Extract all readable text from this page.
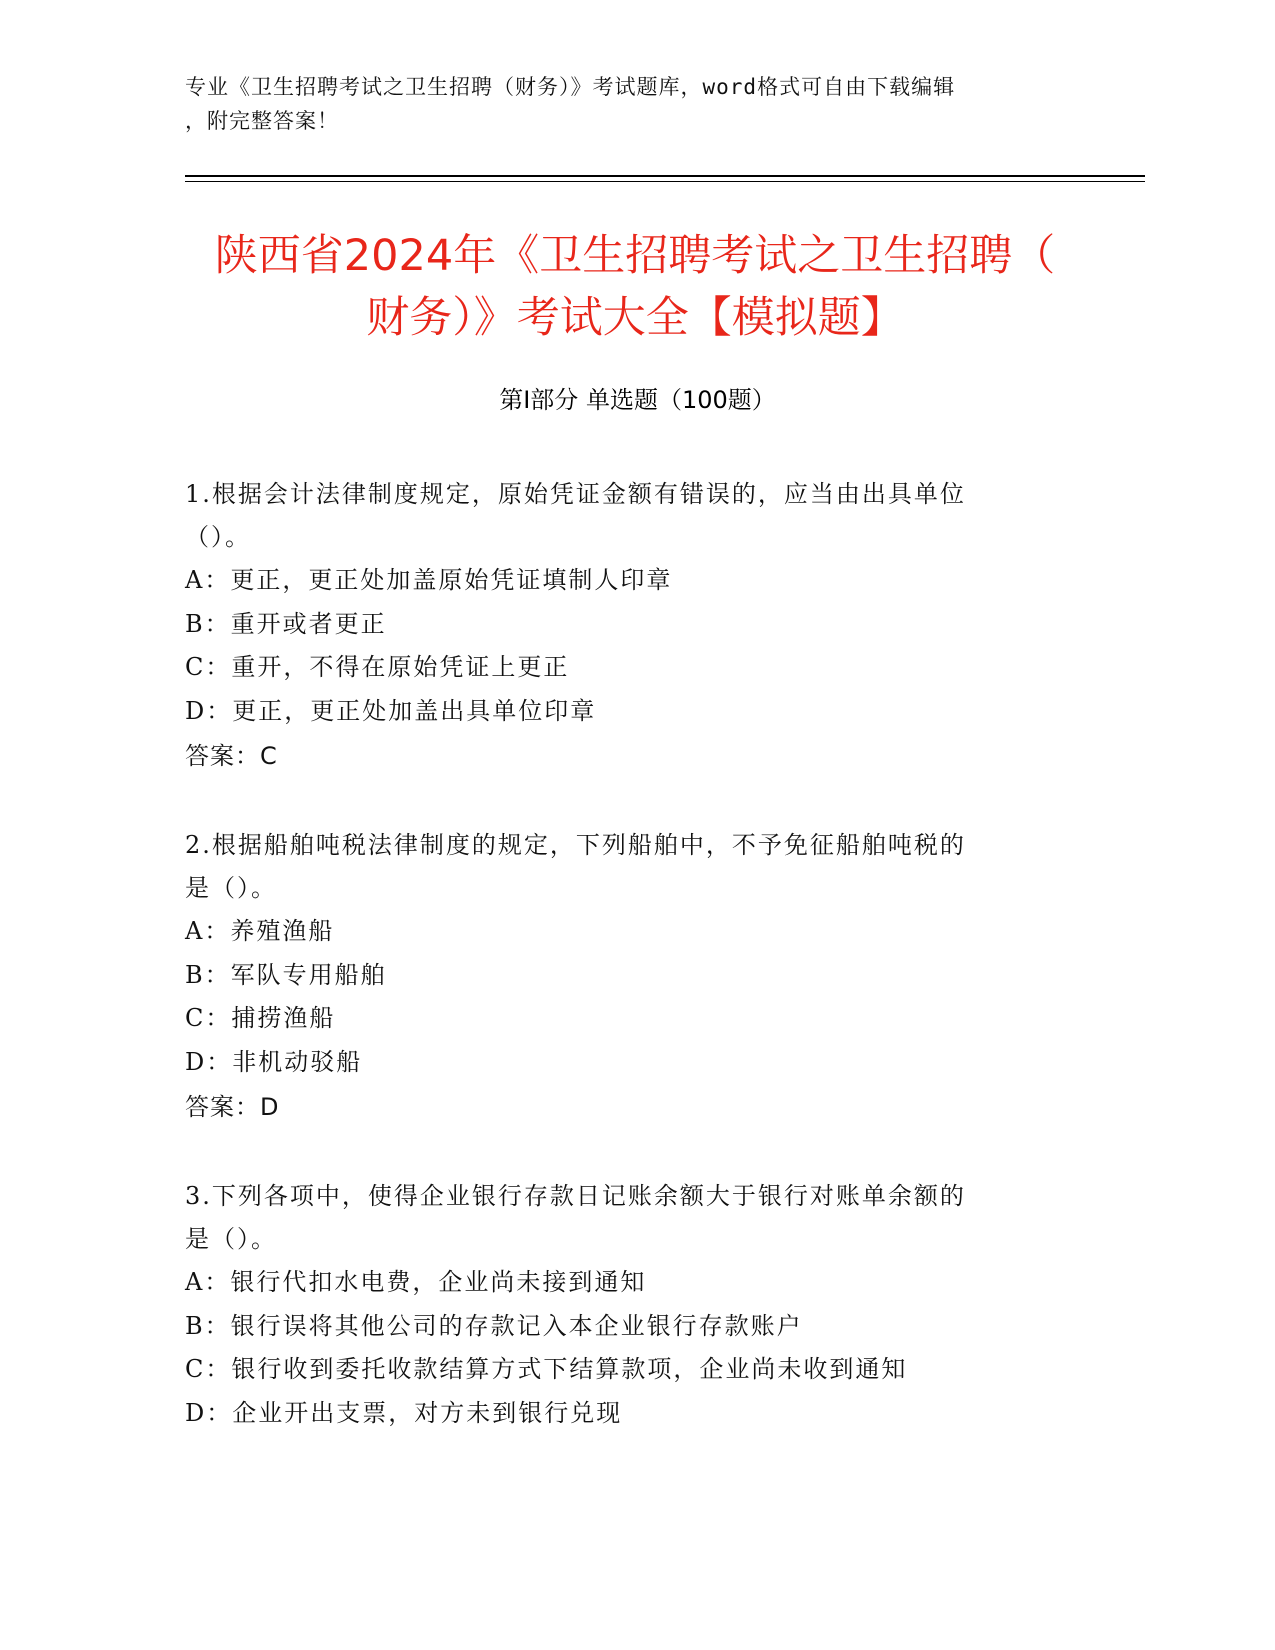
专业《卫生招聘考试之卫生招聘（财务）》考试题库，word格式可自由下载编辑
，附完整答案！
陕西省2024年《卫生招聘考试之卫生招聘（
财务）》考试大全【模拟题】
第Ⅰ部分 单选题（100题）
1.根据会计法律制度规定，原始凭证金额有错误的，应当由出具单位
（）。
A：更正，更正处加盖原始凭证填制人印章
B：重开或者更正
C：重开，不得在原始凭证上更正
D：更正，更正处加盖出具单位印章
答案：C
2.根据船舶吨税法律制度的规定，下列船舶中，不予免征船舶吨税的
是（）。
A：养殖渔船
B：军队专用船舶
C：捕捞渔船
D：非机动驳船
答案：D
3.下列各项中，使得企业银行存款日记账余额大于银行对账单余额的
是（）。
A：银行代扣水电费，企业尚未接到通知
B：银行误将其他公司的存款记入本企业银行存款账户
C：银行收到委托收款结算方式下结算款项，企业尚未收到通知
D：企业开出支票，对方未到银行兑现
